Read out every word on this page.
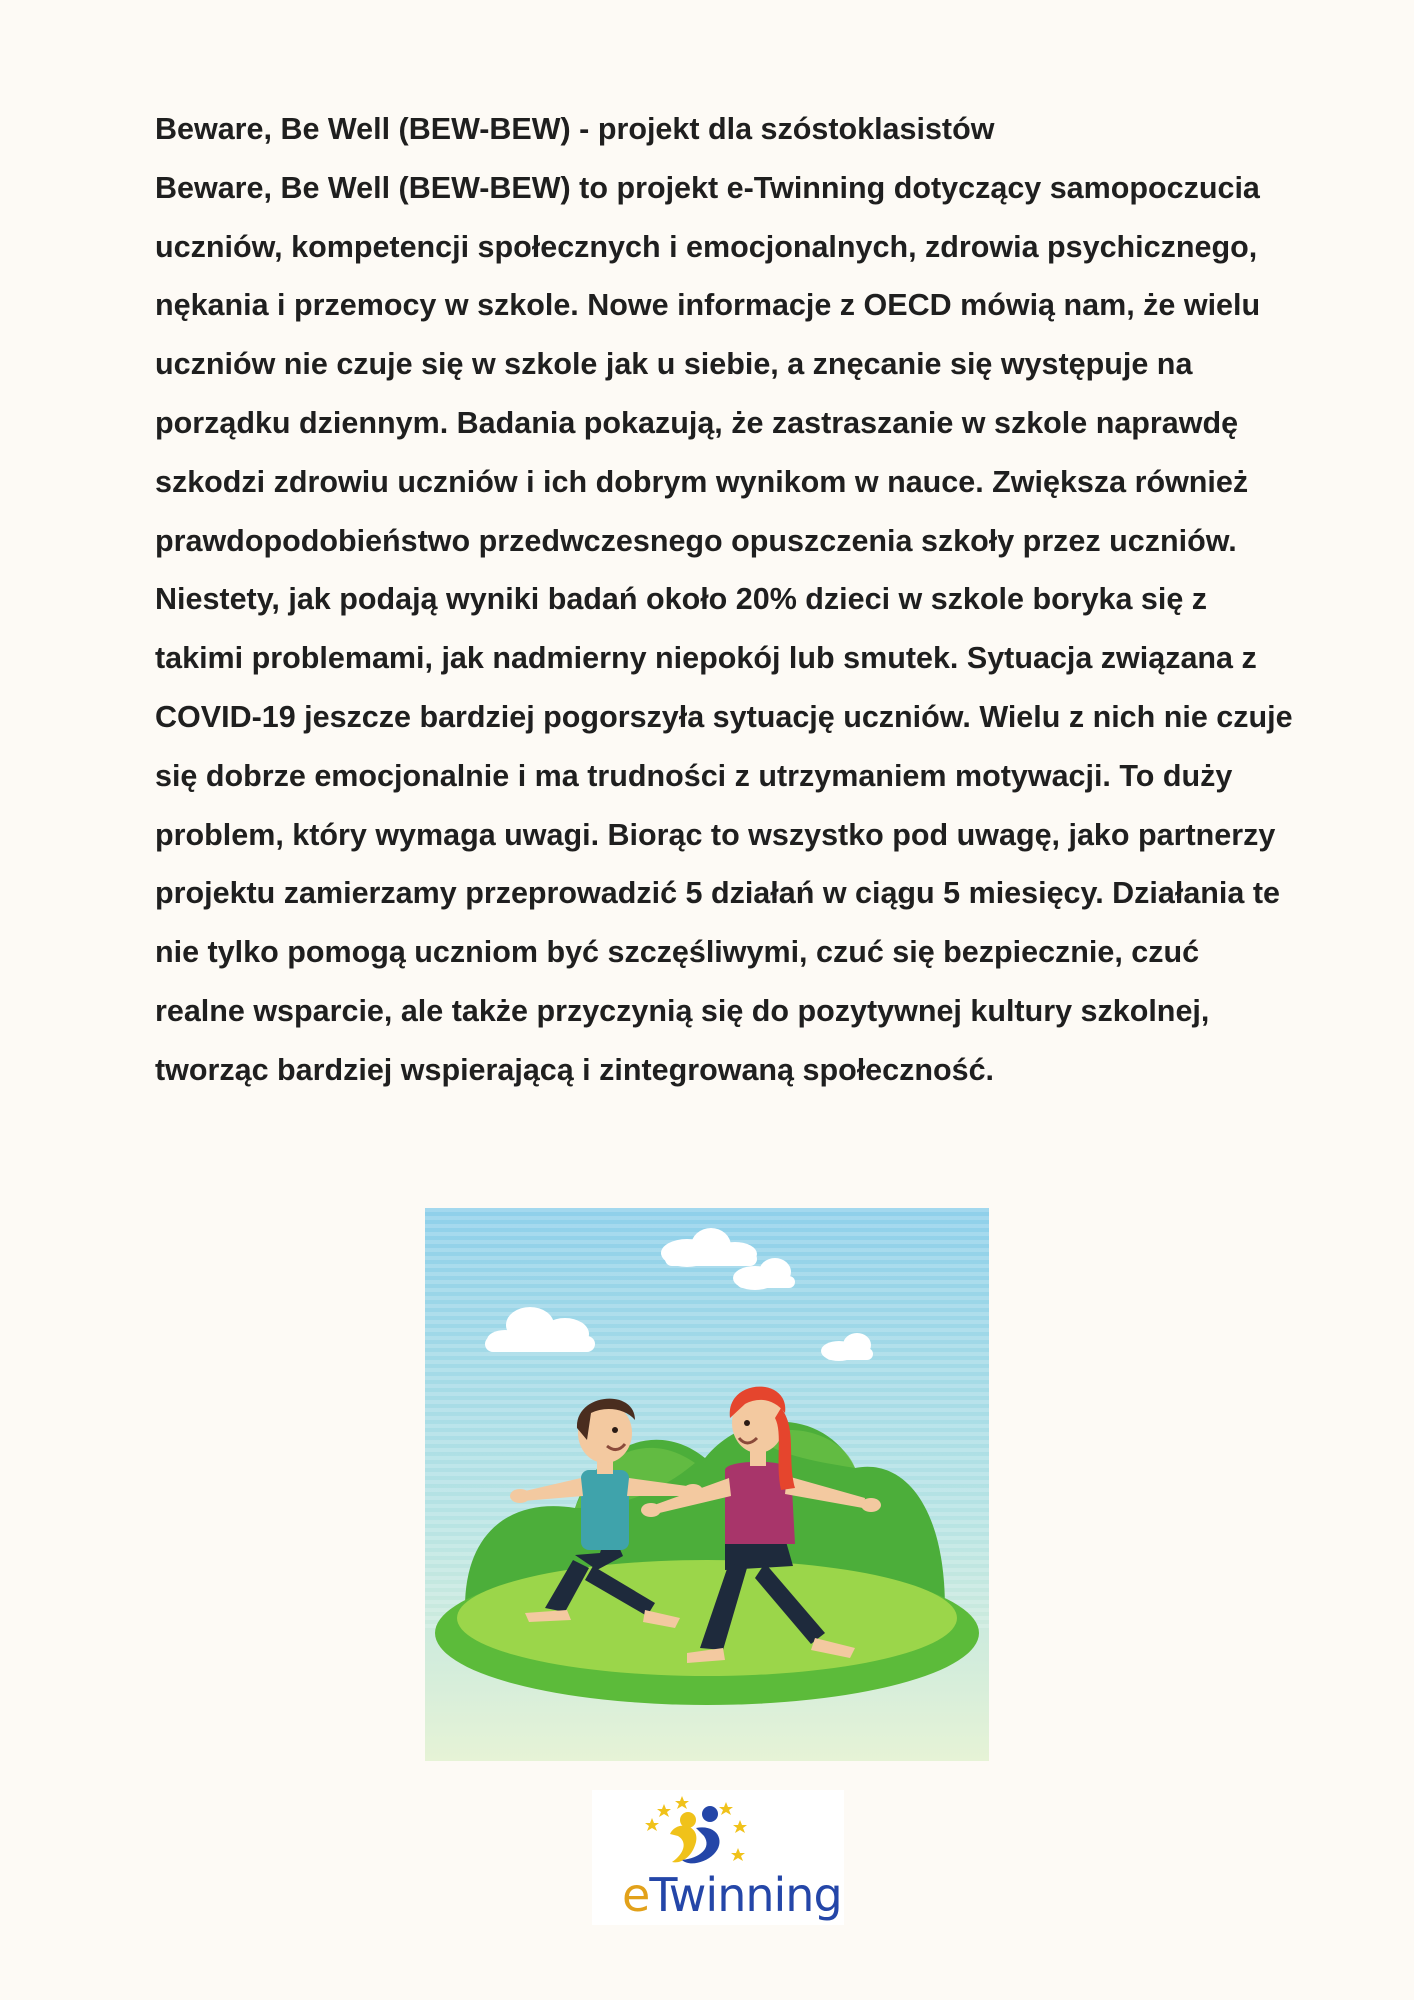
Beware, Be Well (BEW-BEW) - projekt dla szóstoklasistów

Beware, Be Well (BEW-BEW) to projekt e-Twinning dotyczący samopoczucia uczniów, kompetencji społecznych i emocjonalnych, zdrowia psychicznego, nękania i przemocy w szkole. Nowe informacje z OECD mówią nam, że wielu uczniów nie czuje się w szkole jak u siebie, a znęcanie się występuje na porządku dziennym. Badania pokazują, że zastraszanie w szkole naprawdę szkodzi zdrowiu uczniów i ich dobrym wynikom w nauce. Zwiększa również prawdopodobieństwo przedwczesnego opuszczenia szkoły przez uczniów. Niestety, jak podają wyniki badań około 20% dzieci w szkole boryka się z takimi problemami, jak nadmierny niepokój lub smutek. Sytuacja związana z COVID-19 jeszcze bardziej pogorszyła sytuację uczniów. Wielu z nich nie czuje się dobrze emocjonalnie i ma trudności z utrzymaniem motywacji. To duży problem, który wymaga uwagi. Biorąc to wszystko pod uwagę, jako partnerzy projektu zamierzamy przeprowadzić 5 działań w ciągu 5 miesięcy. Działania te nie tylko pomogą uczniom być szczęśliwymi, czuć się bezpiecznie, czuć realne wsparcie, ale także przyczynią się do pozytywnej kultury szkolnej, tworząc bardziej wspierającą i zintegrowaną społeczność.

eTwinning
